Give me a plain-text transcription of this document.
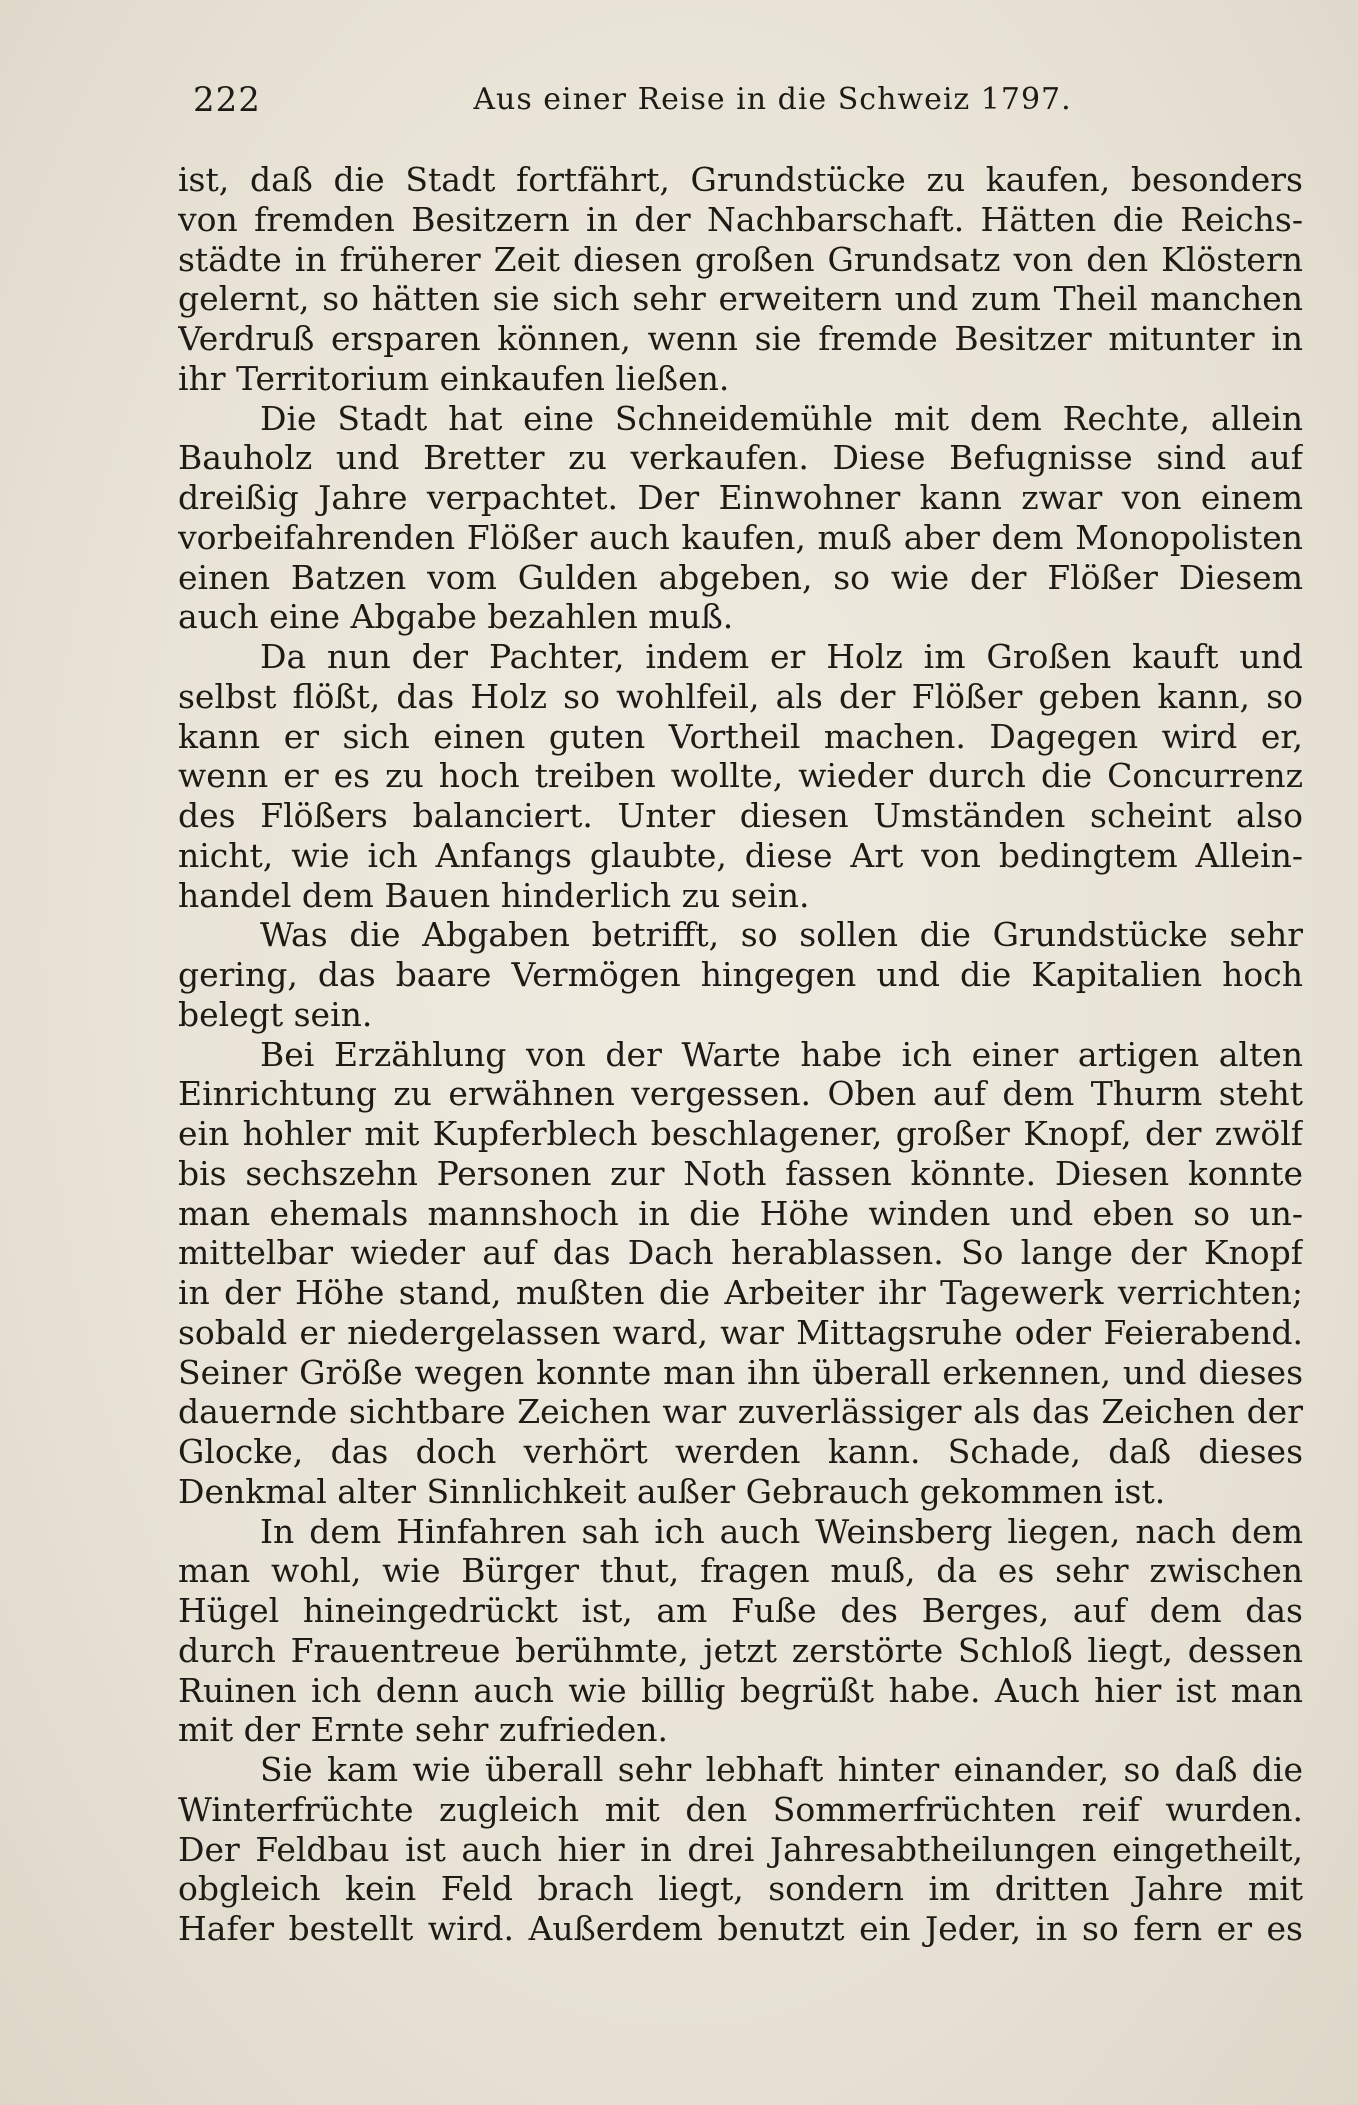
222	Aus einer Reise in die Schweiz 1797.
ist, daß die Stadt fortfährt, Grundstücke zu kaufen, besonders
von fremden Besitzern in der Nachbarschaft. Hätten die Reichs-
städte in früherer Zeit diesen großen Grundsatz von den Klöstern
gelernt, so hätten sie sich sehr erweitern und zum Theil manchen
Verdruß ersparen können, wenn sie fremde Besitzer mitunter in
ihr Territorium einkaufen ließen.
Die Stadt hat eine Schneidemühle mit dem Rechte, allein
Bauholz und Bretter zu verkaufen. Diese Befugnisse sind auf
dreißig Jahre verpachtet. Der Einwohner kann zwar von einem
vorbeifahrenden Flößer auch kaufen, muß aber dem Monopolisten
einen Batzen vom Gulden abgeben, so wie der Flößer Diesem
auch eine Abgabe bezahlen muß.
Da nun der Pachter, indem er Holz im Großen kauft und
selbst flößt, das Holz so wohlfeil, als der Flößer geben kann, so
kann er sich einen guten Vortheil machen. Dagegen wird er,
wenn er es zu hoch treiben wollte, wieder durch die Concurrenz
des Flößers balanciert. Unter diesen Umständen scheint also
nicht, wie ich Anfangs glaubte, diese Art von bedingtem Allein-
handel dem Bauen hinderlich zu sein.
Was die Abgaben betrifft, so sollen die Grundstücke sehr
gering, das baare Vermögen hingegen und die Kapitalien hoch
belegt sein.
Bei Erzählung von der Warte habe ich einer artigen alten
Einrichtung zu erwähnen vergessen. Oben auf dem Thurm steht
ein hohler mit Kupferblech beschlagener, großer Knopf, der zwölf
bis sechszehn Personen zur Noth fassen könnte. Diesen konnte
man ehemals mannshoch in die Höhe winden und eben so un-
mittelbar wieder auf das Dach herablassen. So lange der Knopf
in der Höhe stand, mußten die Arbeiter ihr Tagewerk verrichten;
sobald er niedergelassen ward, war Mittagsruhe oder Feierabend.
Seiner Größe wegen konnte man ihn überall erkennen, und dieses
dauernde sichtbare Zeichen war zuverlässiger als das Zeichen der
Glocke, das doch verhört werden kann. Schade, daß dieses
Denkmal alter Sinnlichkeit außer Gebrauch gekommen ist.
In dem Hinfahren sah ich auch Weinsberg liegen, nach dem
man wohl, wie Bürger thut, fragen muß, da es sehr zwischen
Hügel hineingedrückt ist, am Fuße des Berges, auf dem das
durch Frauentreue berühmte, jetzt zerstörte Schloß liegt, dessen
Ruinen ich denn auch wie billig begrüßt habe. Auch hier ist man
mit der Ernte sehr zufrieden.
Sie kam wie überall sehr lebhaft hinter einander, so daß die
Winterfrüchte zugleich mit den Sommerfrüchten reif wurden.
Der Feldbau ist auch hier in drei Jahresabtheilungen eingetheilt,
obgleich kein Feld brach liegt, sondern im dritten Jahre mit
Hafer bestellt wird. Außerdem benutzt ein Jeder, in so fern er es
